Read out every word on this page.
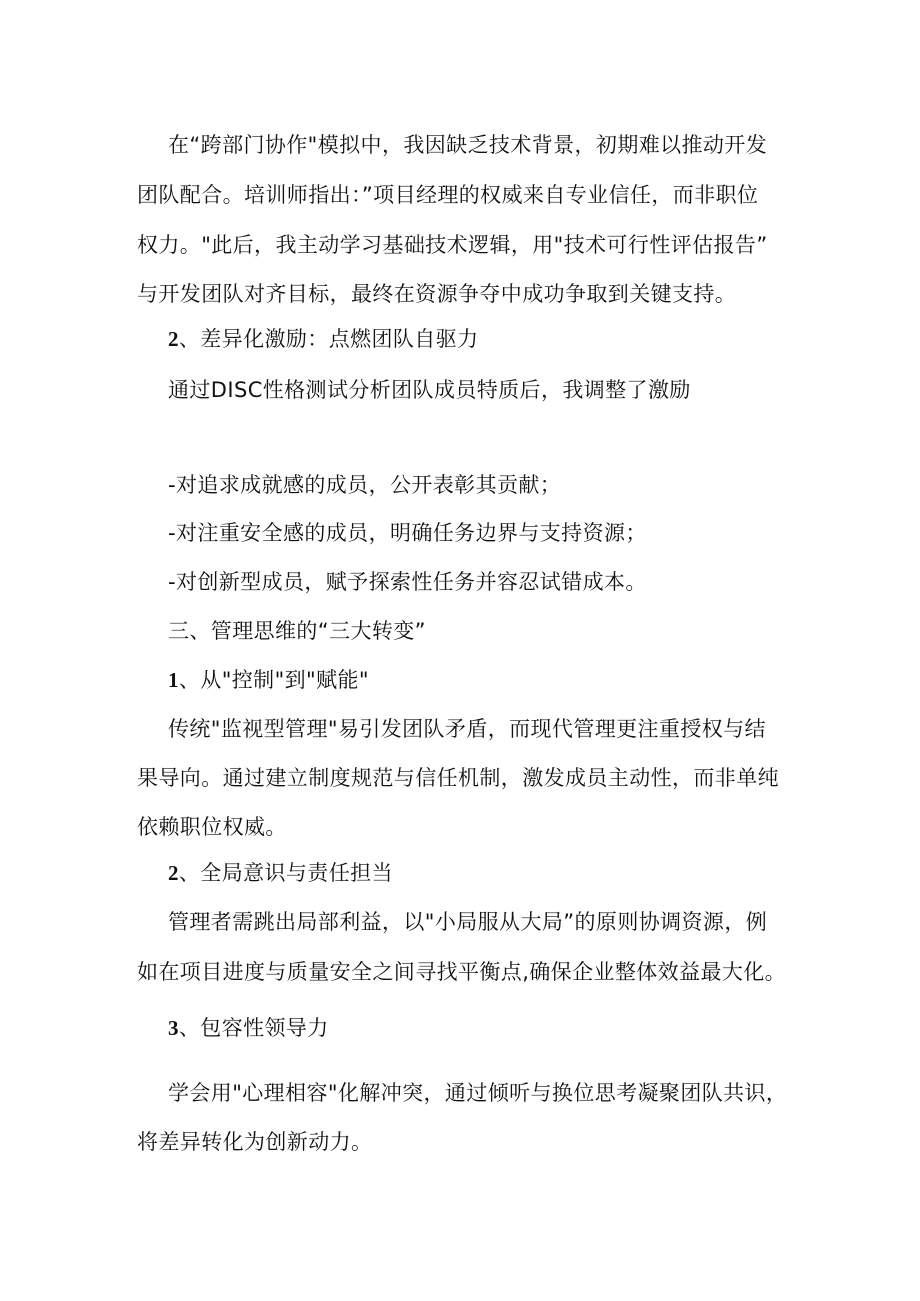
在“跨部门协作"模拟中，我因缺乏技术背景，初期难以推动开发
团队配合。培训师指出：”项目经理的权威来自专业信任，而非职位
权力。"此后，我主动学习基础技术逻辑，用"技术可行性评估报告”
与开发团队对齐目标，最终在资源争夺中成功争取到关键支持。
2、差异化激励：点燃团队自驱力
通过DISC性格测试分析团队成员特质后，我调整了激励
-对追求成就感的成员，公开表彰其贡献；
-对注重安全感的成员，明确任务边界与支持资源；
-对创新型成员，赋予探索性任务并容忍试错成本。
三、管理思维的“三大转变”
1、从"控制"到"赋能"
传统"监视型管理"易引发团队矛盾，而现代管理更注重授权与结
果导向。通过建立制度规范与信任机制，激发成员主动性，而非单纯
依赖职位权威。
2、全局意识与责任担当
管理者需跳出局部利益，以"小局服从大局”的原则协调资源，例
如在项目进度与质量安全之间寻找平衡点,确保企业整体效益最大化。
3、包容性领导力
学会用"心理相容"化解冲突，通过倾听与换位思考凝聚团队共识，
将差异转化为创新动力。
